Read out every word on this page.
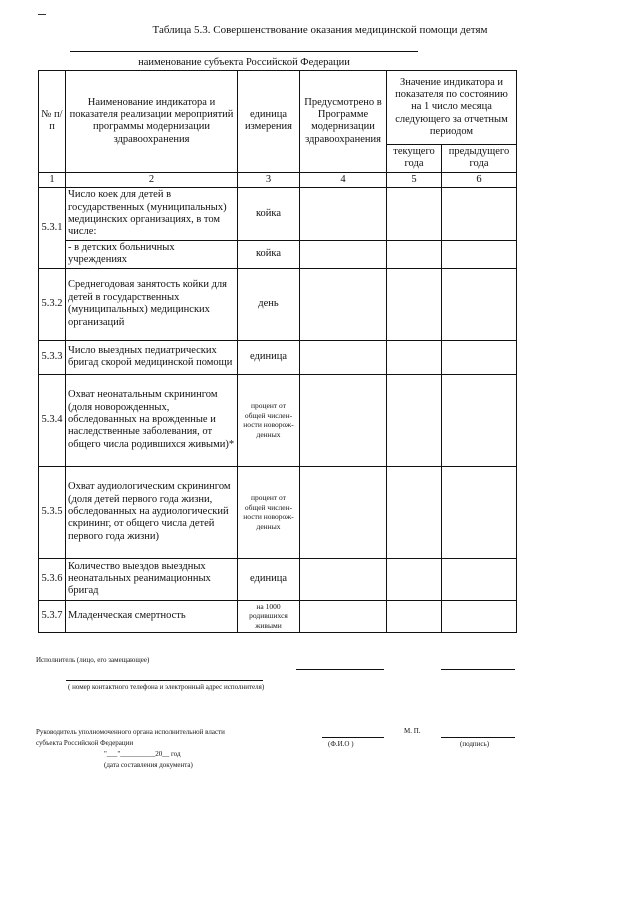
Таблица 5.3. Совершенствование оказания медицинской помощи детям
наименование субъекта Российской Федерации
№ п/п	Наименование индикатора и показателя реализации мероприятий программы модернизации здравоохранения	единица измерения	Предусмотрено в Программе модернизации здравоохранения	Значение индикатора и показателя по состоянию на 1 число месяца следующего за отчетным периодом	
				текущего года	предыдущего года
1	2	3	4	5	6
5.3.1	Число коек для детей в государственных (муниципальных) медицинских организациях, в том числе:	койка			
	- в детских больничных учреждениях	койка			
5.3.2	Среднегодовая занятость койки для детей в государственных (муниципальных) медицинских организаций	день			
5.3.3	Число выездных педиатрических бригад скорой медицинской помощи	единица			
5.3.4	Охват неонатальным скринингом (доля новорожденных, обследованных на врожденные и наследственные заболевания, от общего числа родившихся живыми)*	процент от общей числен-ности новорож-денных			
5.3.5	Охват аудиологическим скринингом (доля детей первого года жизни, обследованных на аудиологический скрининг, от общего числа детей первого года жизни)	процент от общей числен-ности новорож-денных			
5.3.6	Количество выездов выездных неонатальных реанимационных бригад	единица			
5.3.7	Младенческая смертность	на 1000 родившихся живыми			
Исполнитель (лицо, его замещающее)
( номер контактного телефона и электронный адрес исполнителя)
Руководитель уполномоченного органа исполнительной власти
субъекта Российской Федерации	(Ф.И.О )
М. П.
(подпись)
"___"__________20__ год
(дата составления документа)
